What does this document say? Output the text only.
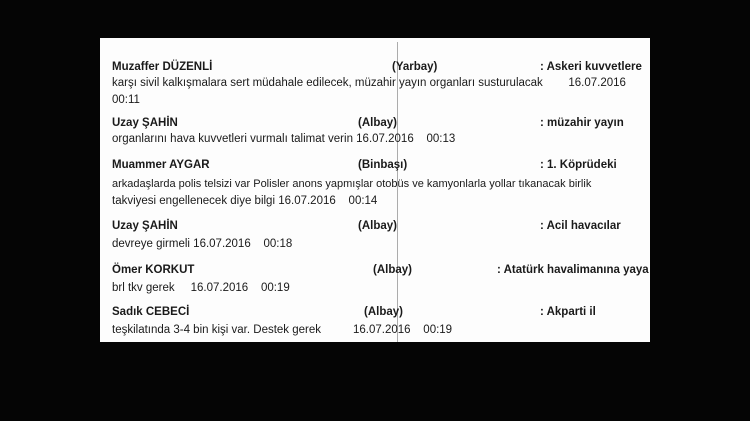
Muzaffer DÜZENLİ	(Yarbay)	: Askeri kuvvetlere
karşı sivil kalkışmalara sert müdahale edilecek, müzahir yayın organları susturulacak        16.07.2016
00:11
Uzay ŞAHİN	(Albay)	: müzahir yayın
organlarını hava kuvvetleri vurmalı talimat verin 16.07.2016    00:13
Muammer AYGAR	(Binbaşı)	: 1. Köprüdeki
arkadaşlarda polis telsizi var Polisler anons yapmışlar otobüs ve kamyonlarla yollar tıkanacak birlik
takviyesi engellenecek diye bilgi 16.07.2016    00:14
Uzay ŞAHİN	(Albay)	: Acil havacılar
devreye girmeli 16.07.2016    00:18
Ömer KORKUT	(Albay)	: Atatürk havalimanına yaya
brl tkv gerek     16.07.2016    00:19
Sadık CEBECİ	(Albay)	: Akparti il
teşkilatında 3-4 bin kişi var. Destek gerek          16.07.2016    00:19
